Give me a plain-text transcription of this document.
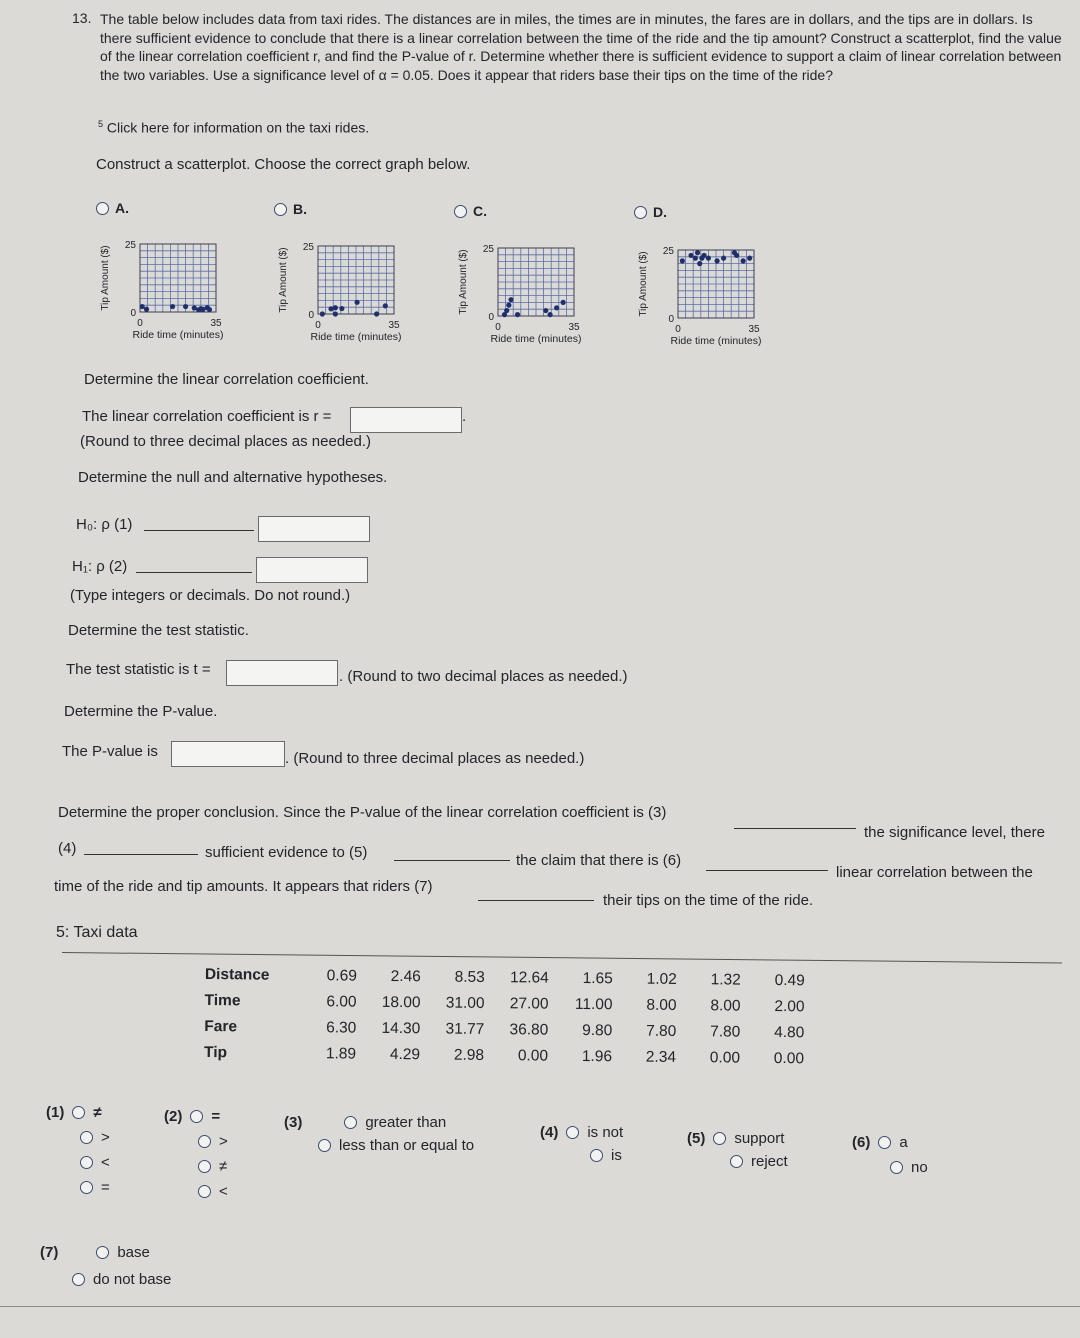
13. The table below includes data from taxi rides. The distances are in miles, the times are in minutes, the fares are in dollars, and the tips are in dollars. Is there sufficient evidence to conclude that there is a linear correlation between the time of the ride and the tip amount? Construct a scatterplot, find the value of the linear correlation coefficient r, and find the P-value of r. Determine whether there is sufficient evidence to support a claim of linear correlation between the two variables. Use a significance level of α = 0.05. Does it appear that riders base their tips on the time of the ride?
$^5$ Click here for information on the taxi rides.
Construct a scatterplot. Choose the correct graph below.
A.	B.	C.	D.
Tip Amount ($) 25
0
0	35
Ride time (minutes)
Tip Amount ($) 25
0
0	35
Ride time (minutes)
Tip Amount ($) 25
0
0	35
Ride time (minutes)
Tip Amount ($) 25
0
0	35
Ride time (minutes)
Determine the linear correlation coefficient.
The linear correlation coefficient is r =	.
(Round to three decimal places as needed.)
Determine the null and alternative hypotheses.
H₀: ρ (1)
H₁: ρ (2)
(Type integers or decimals. Do not round.)
Determine the test statistic.
The test statistic is t =	. (Round to two decimal places as needed.)
Determine the P-value.
The P-value is	. (Round to three decimal places as needed.)
Determine the proper conclusion. Since the P-value of the linear correlation coefficient is (3)
the significance level, there
(4)	sufficient evidence to (5)	the claim that there is (6)
linear correlation between the
time of the ride and tip amounts. It appears that riders (7)
their tips on the time of the ride.
5: Taxi data
Distance	0.69	2.46	8.53	12.64	1.65	1.02	1.32	0.49
Time	6.00	18.00	31.00	27.00	11.00	8.00	8.00	2.00
Fare	6.30	14.30	31.77	36.80	9.80	7.80	7.80	4.80
Tip	1.89	4.29	2.98	0.00	1.96	2.34	0.00	0.00
(1) ≠
>
<
=
(2) =
>
≠
<
(3)	greater than
less than or equal to
(4) is not
is
(5) support
reject
(6) a
no
(7)	base
do not base
